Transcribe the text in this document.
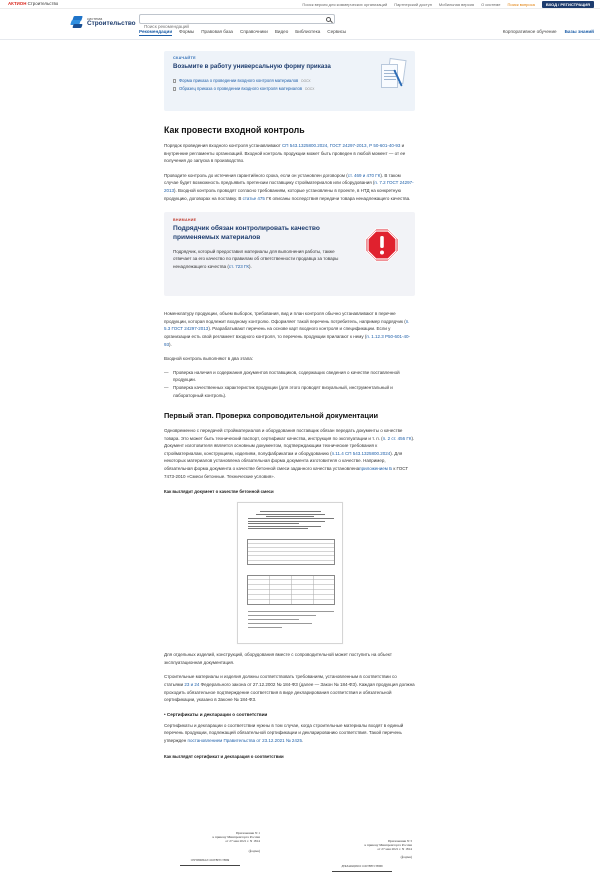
АКТИОН Строительство	Поиск версия для коммерческих организаций Партнерский доступ Мобильная версия О системе Поиск вопроса	ВХОД / РЕГИСТРАЦИЯ
система
Строительство
Поиск рекомендаций
Рекомендации Формы Правовая база Справочники Видео Библиотека Сервисы	Корпоративное обучение Базы знаний
СКАЧАЙТЕ
Возьмите в работу универсальную форму приказа
Форма приказа о проведении входного контроля материалов DOCX
Образец приказа о проведении входного контроля материалов DOCX
Как провести входной контроль

Порядок проведения входного контроля устанавливают СП 543.1325800.2024, ГОСТ 24297-2013, Р 50-601-40-93 и внутренние регламенты организаций. Входной контроль продукции может быть проведен в любой момент — от ее получения до запуска в производство.

Проводите контроль до истечения гарантийного срока, если он установлен договором (ст. 469 и 470 ГК). В таком случае будет возможность предъявить претензии поставщику стройматериалов или оборудования (п. 7.2 ГОСТ 24297-2013). Входной контроль проводят согласно требованиям, которые установлены в проекте, в НТД на конкретную продукцию, договорах на поставку. В статье 475 ГК описаны последствия передачи товара ненадлежащего качества.

ВНИМАНИЕ
Подрядчик обязан контролировать качество применяемых материалов
Подрядчик, который предоставил материалы для выполнения работы, также отвечает за его качество по правилам об ответственности продавца за товары ненадлежащего качества (ст. 723 ГК).

Номенклатуру продукции, объем выборок, требования, вид и план контроля обычно устанавливают в перечне продукции, которая подлежит входному контролю. Оформляет такой перечень потребитель, например подрядчик (п. 5.3 ГОСТ 24297-2013). Разрабатывают перечень на основе карт входного контроля и спецификации. Если у организации есть свой регламент входного контроля, то перечень продукции прилагают к нему (п. 1.12.3 Р50-601-40-93).

Входной контроль выполняют в два этапа:

— Проверка наличия и содержания документов поставщиков, содержащих сведения о качестве поставленной продукции.
— Проверка качественных характеристик продукции (для этого проводят визуальный, инструментальный и лабораторный контроль).
Первый этап. Проверка сопроводительной документации

Одновременно с передачей стройматериалов и оборудования поставщик обязан передать документы о качестве товара. Это может быть технический паспорт, сертификат качества, инструкция по эксплуатации и т. п. (п. 2 ст. 456 ГК). Документ изготовителя является основным документом, подтверждающим технические требования к стройматериалам, конструкциям, изделиям, полуфабрикатам и оборудованию (п.11.4 СП 543.1325800.2024). Для некоторых материалов установлена обязательная форма документа изготовителя о качестве. Например, обязательная форма документа о качестве бетонной смеси заданного качества установленаприложением Б к ГОСТ 7473-2010 «Смеси бетонные. Технические условия».

Как выглядит документ о качестве бетонной смеси

Для отдельных изделий, конструкций, оборудования вместе с сопроводительной может поступить на объект эксплуатационная документация.

Строительные материалы и изделия должны соответствовать требованиям, установленным в соответствии со статьями 23 и 24 Федерального закона от 27.12.2002 № 184-ФЗ (далее — Закон № 184-ФЗ). Каждая продукция должна проходить обязательное подтверждение соответствия в виде декларирования соответствия и обязательной сертификации, указано в Законе № 184-ФЗ.

• Сертификаты и декларации о соответствии

Сертификаты и декларации о соответствии нужны в том случае, когда строительные материалы входят в единый перечень продукции, подлежащей обязательной сертификации и декларированию соответствия. Такой перечень утвержден постановлением Правительства от 23.12.2021 № 2425.

Как выглядят сертификат и декларация о соответствии
Приложение N 1
к приказу Минпромторга России
от 27 мая 2021 г. N 1814
(форма)
СЕРТИФИКАТ СООТВЕТСТВИЯ
Приложение N 3
к приказу Минпромторга России
от 27 мая 2021 г. N 1814
(форма)
ДЕКЛАРАЦИЯ О СООТВЕТСТВИИ
